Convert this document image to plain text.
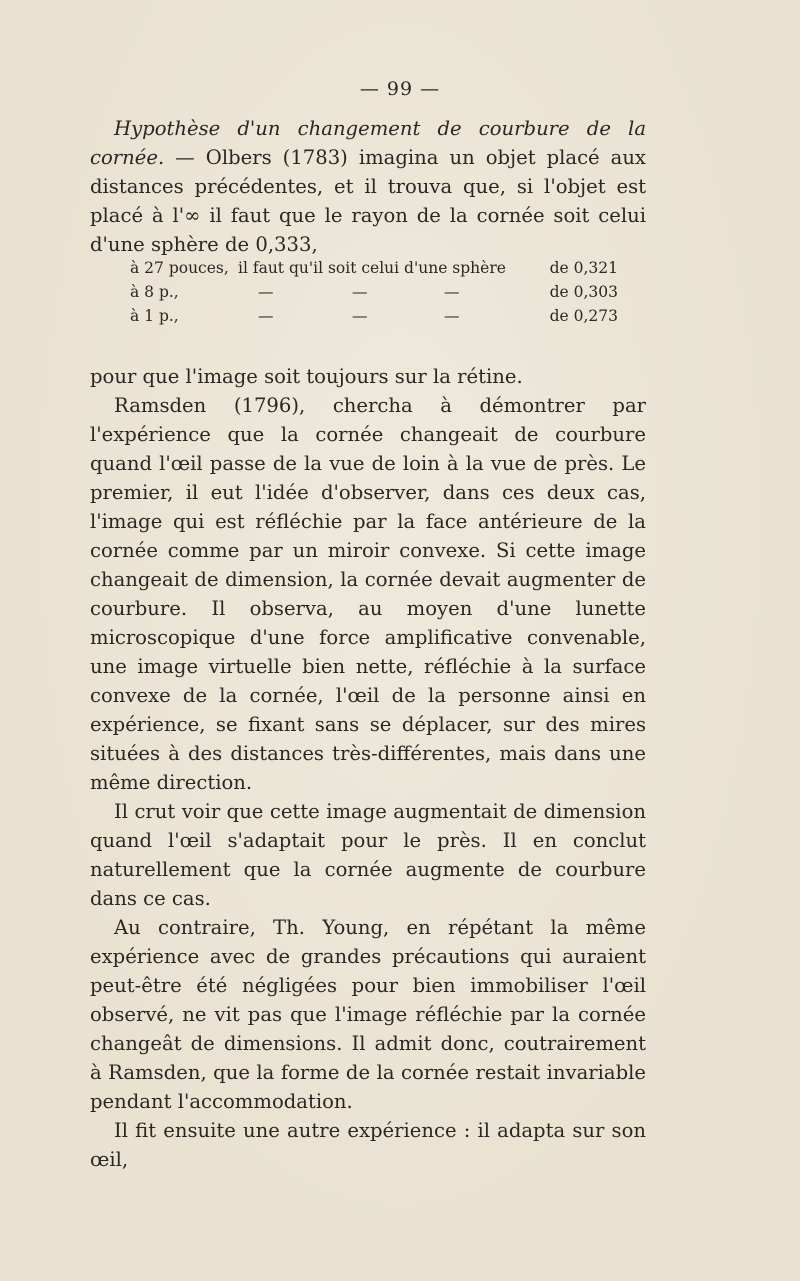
— 99 —

Hypothèse d'un changement de courbure de la cornée. — Olbers (1783) imagina un objet placé aux distances précédentes, et il trouva que, si l'objet est placé à l'∞ il faut que le rayon de la cornée soit celui d'une sphère de 0,333,

à 27 pouces, il faut qu'il soit celui d'une sphère	de 0,321
à 8 p.,	—	—	—	de 0,303
à 1 p.,	—	—	—	de 0,273

pour que l'image soit toujours sur la rétine.

Ramsden (1796), chercha à démontrer par l'expérience que la cornée changeait de courbure quand l'œil passe de la vue de loin à la vue de près. Le premier, il eut l'idée d'observer, dans ces deux cas, l'image qui est réfléchie par la face antérieure de la cornée comme par un miroir convexe. Si cette image changeait de dimension, la cornée devait augmenter de courbure. Il observa, au moyen d'une lunette microscopique d'une force amplificative convenable, une image virtuelle bien nette, réfléchie à la surface convexe de la cornée, l'œil de la personne ainsi en expérience, se fixant sans se déplacer, sur des mires situées à des distances très-différentes, mais dans une même direction.

Il crut voir que cette image augmentait de dimension quand l'œil s'adaptait pour le près. Il en conclut naturellement que la cornée augmente de courbure dans ce cas.

Au contraire, Th. Young, en répétant la même expérience avec de grandes précautions qui auraient peut-être été négligées pour bien immobiliser l'œil observé, ne vit pas que l'image réfléchie par la cornée changeât de dimensions. Il admit donc, coutrairement à Ramsden, que la forme de la cornée restait invariable pendant l'accommodation.

Il fit ensuite une autre expérience : il adapta sur son œil,
